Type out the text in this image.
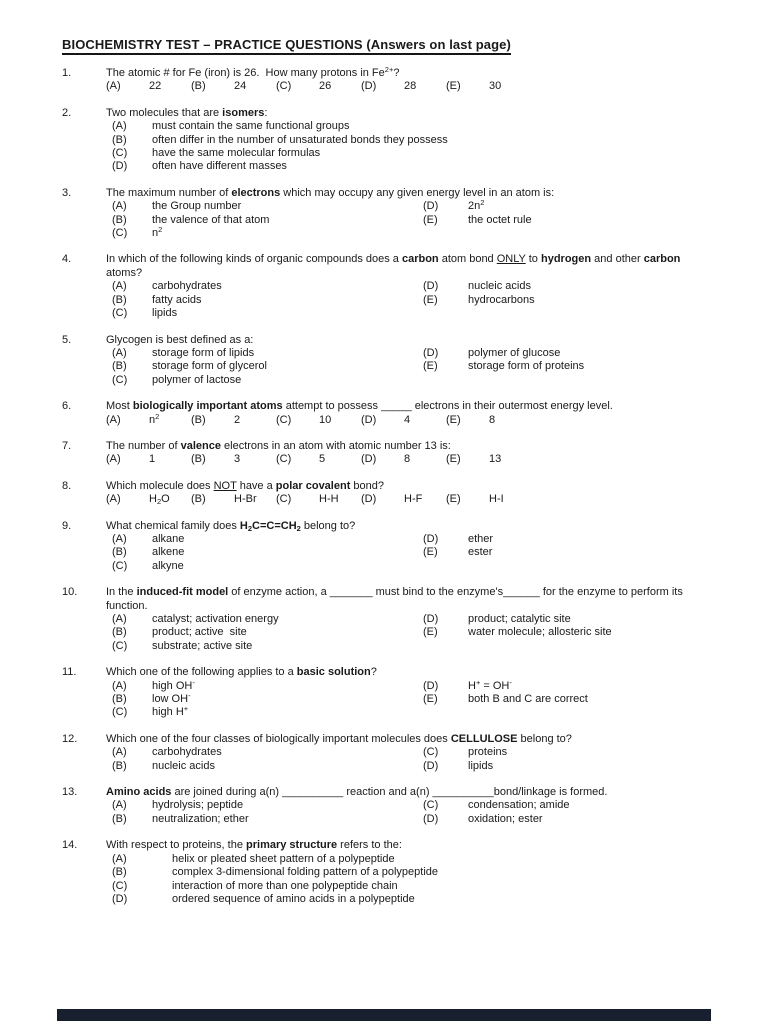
BIOCHEMISTRY TEST – PRACTICE QUESTIONS (Answers on last page)
1.	The atomic # for Fe (iron) is 26.  How many protons in $Fe^{2+}$?
(A)	22	(B)	24	(C)	26	(D)	28	(E)	30
2.	Two molecules that are isomers:
(A)	must contain the same functional groups
(B)	often differ in the number of unsaturated bonds they possess
(C)	have the same molecular formulas
(D)	often have different masses
3.	The maximum number of electrons which may occupy any given energy level in an atom is:
(A)	the Group number
(B)	the valence of that atom
(C)	$n^2$
(D)	$2n^2$
(E)	the octet rule
4.	In which of the following kinds of organic compounds does a carbon atom bond ONLY to hydrogen and other carbon atoms?
(A)	carbohydrates
(B)	fatty acids
(C)	lipids
(D)	nucleic acids
(E)	hydrocarbons
5.	Glycogen is best defined as a:
(A)	storage form of lipids
(B)	storage form of glycerol
(C)	polymer of lactose
(D)	polymer of glucose
(E)	storage form of proteins
6.	Most biologically important atoms attempt to possess _____ electrons in their outermost energy level.
(A)	$n^2$	(B)	2	(C)	10	(D)	4	(E)	8
7.	The number of valence electrons in an atom with atomic number 13 is:
(A)	1	(B)	3	(C)	5	(D)	8	(E)	13
8.	Which molecule does NOT have a polar covalent bond?
(A)	$H_2O$ (B)	H-Br (C)	H-H (D)	H-F (E)	H-I
9.	What chemical family does $H_2C=C=CH_2$ belong to?
(A)	alkane
(B)	alkene
(C)	alkyne
(D)	ether
(E)	ester
10.	In the induced-fit model of enzyme action, a _______ must bind to the enzyme's______ for the enzyme to perform its function.
(A)	catalyst; activation energy
(B)	product; active  site
(C)	substrate; active site
(D)	product; catalytic site
(E)	water molecule; allosteric site
11.	Which one of the following applies to a basic solution?
(A)	high OH-
(B)	low OH-
(C)	high H+
(D)	H+ = OH-
(E)	both B and C are correct
12.	Which one of the four classes of biologically important molecules does CELLULOSE belong to?
(A)	carbohydrates
(B)	nucleic acids
(C)	proteins
(D)	lipids
13.	Amino acids are joined during a(n) __________ reaction and a(n) __________bond/linkage is formed.
(A)	hydrolysis; peptide
(B)	neutralization; ether
(C)	condensation; amide
(D)	oxidation; ester
14.	With respect to proteins, the primary structure refers to the:
(A)	helix or pleated sheet pattern of a polypeptide
(B)	complex 3-dimensional folding pattern of a polypeptide
(C)	interaction of more than one polypeptide chain
(D)	ordered sequence of amino acids in a polypeptide
